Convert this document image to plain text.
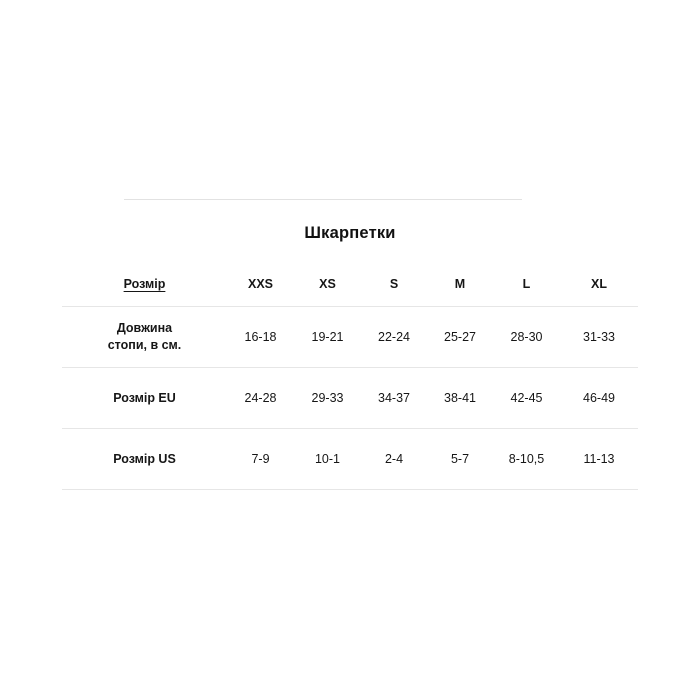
Шкарпетки
Розмір	XXS	XS	S	M	L	XL
Довжина
стопи, в см.	16-18	19-21	22-24	25-27	28-30	31-33
Розмір EU	24-28	29-33	34-37	38-41	42-45	46-49
Розмір US	7-9	10-1	2-4	5-7	8-10,5	11-13
